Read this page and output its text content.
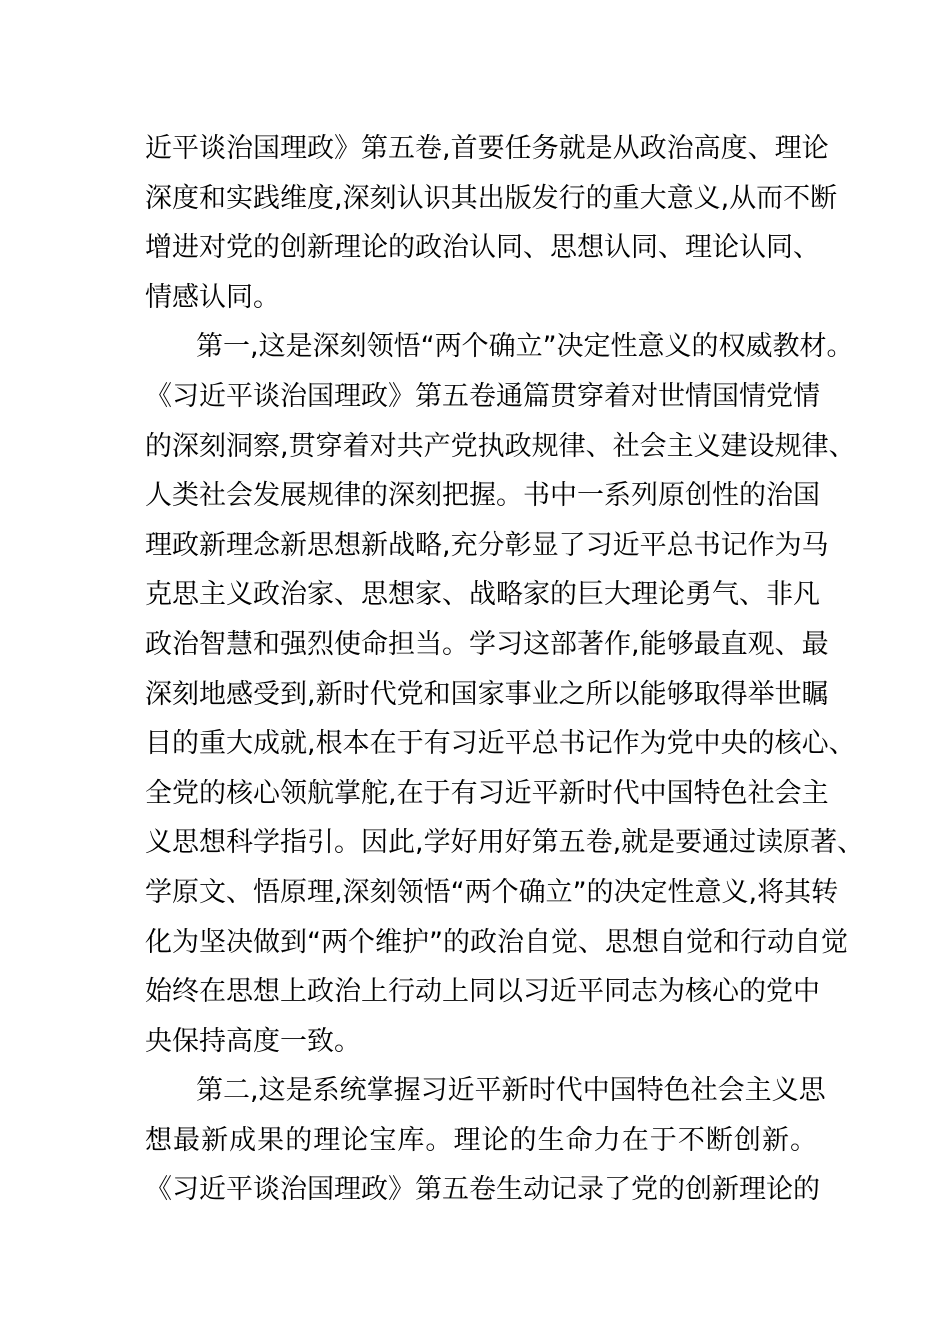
近平谈治国理政》第五卷,首要任务就是从政治高度、理论
深度和实践维度,深刻认识其出版发行的重大意义,从而不断
增进对党的创新理论的政治认同、思想认同、理论认同、
情感认同。
第一,这是深刻领悟“两个确立”决定性意义的权威教材。
《习近平谈治国理政》第五卷通篇贯穿着对世情国情党情
的深刻洞察,贯穿着对共产党执政规律、社会主义建设规律、
人类社会发展规律的深刻把握。书中一系列原创性的治国
理政新理念新思想新战略,充分彰显了习近平总书记作为马
克思主义政治家、思想家、战略家的巨大理论勇气、非凡
政治智慧和强烈使命担当。学习这部著作,能够最直观、最
深刻地感受到,新时代党和国家事业之所以能够取得举世瞩
目的重大成就,根本在于有习近平总书记作为党中央的核心、
全党的核心领航掌舵,在于有习近平新时代中国特色社会主
义思想科学指引。因此,学好用好第五卷,就是要通过读原著、
学原文、悟原理,深刻领悟“两个确立”的决定性意义,将其转
化为坚决做到“两个维护”的政治自觉、思想自觉和行动自觉
始终在思想上政治上行动上同以习近平同志为核心的党中
央保持高度一致。
第二,这是系统掌握习近平新时代中国特色社会主义思
想最新成果的理论宝库。理论的生命力在于不断创新。
《习近平谈治国理政》第五卷生动记录了党的创新理论的
